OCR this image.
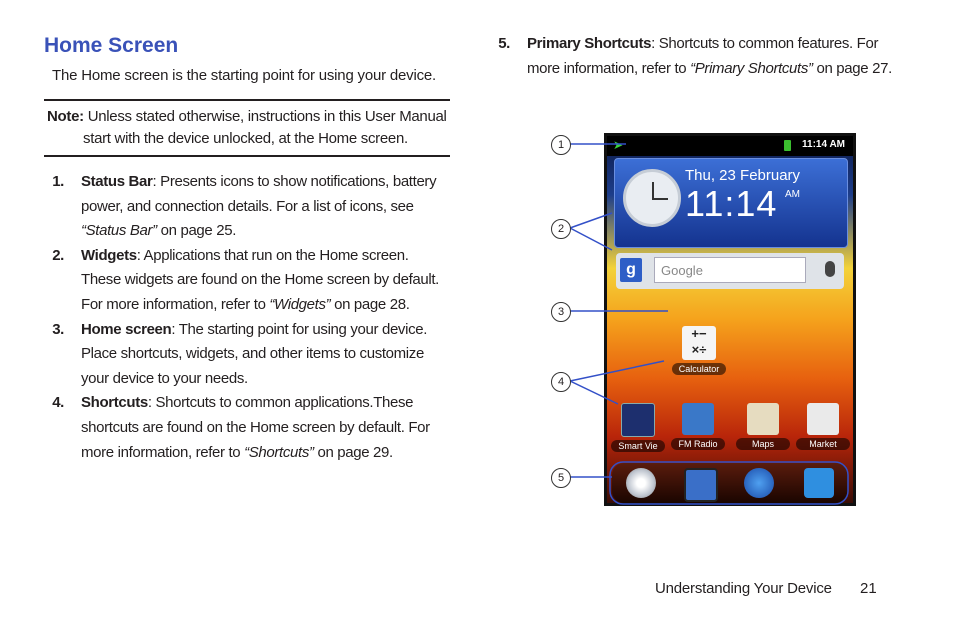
Home Screen
The Home screen is the starting point for using your device.
Note: Unless stated otherwise, instructions in this User Manual
start with the device unlocked, at the Home screen.
1. Status Bar: Presents icons to show notifications, battery power, and connection details. For a list of icons, see “Status Bar” on page 25.
2. Widgets: Applications that run on the Home screen. These widgets are found on the Home screen by default. For more information, refer to “Widgets” on page 28.
3. Home screen: The starting point for using your device. Place shortcuts, widgets, and other items to customize your device to your needs.
4. Shortcuts: Shortcuts to common applications.These shortcuts are found on the Home screen by default. For more information, refer to “Shortcuts” on page 29.
5. Primary Shortcuts: Shortcuts to common features. For more information, refer to “Primary Shortcuts” on page 27.
➤	11:14 AM
Thu, 23 February
11:14 AM
g	Google
+−
×÷
Calculator
Smart Vie	FM Radio	Maps	Market
1
2
3
4
5
Understanding Your Device 21
